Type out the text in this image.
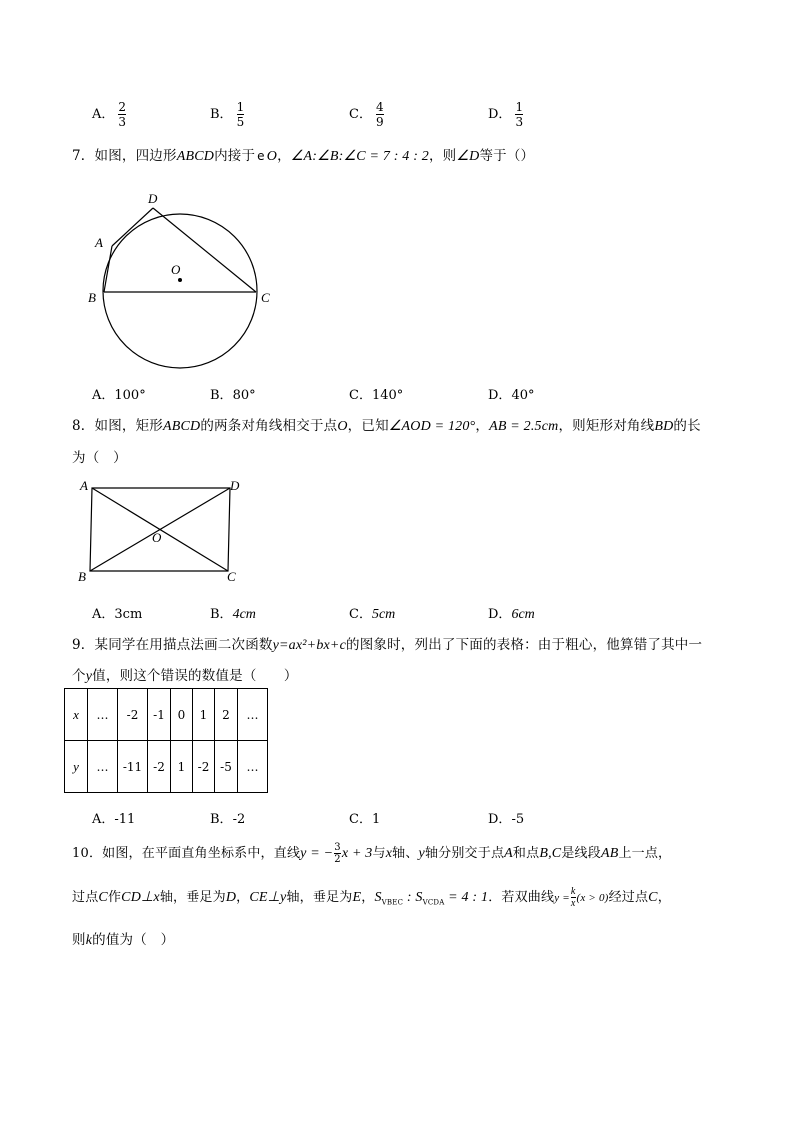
A． $\frac{2}{3}$	B． $\frac{1}{5}$	C． $\frac{4}{9}$	D． $\frac{1}{3}$
7．如图，四边形ABCD内接于 e O，∠A:∠B:∠C = 7 : 4 : 2，则∠D等于（）
D
A
O
B	C
A．100°	B．80°	C．140°	D．40°
8．如图，矩形ABCD的两条对角线相交于点O，已知∠AOD = 120°，AB = 2.5cm，则矩形对角线BD的长
为（　）
A	D
O
B	C
A．3cm	B．4cm	C．5cm	D．6cm
9．某同学在用描点法画二次函数y=ax²+bx+c的图象时，列出了下面的表格：由于粗心，他算错了其中一
个y值，则这个错误的数值是（　　）
x	…	-2	-1	0	1	2	…
y	…	-11	-2	1	-2	-5	…
A．-11	B．-2	C．1	D．-5
10．如图，在平面直角坐标系中，直线y = − $\frac{3}{2}$ x + 3与x轴、y轴分别交于点A和点B,C是线段AB上一点，
过点C作CD⊥x轴，垂足为D，CE⊥y轴，垂足为E，$S_{VBEC}$ : $S_{VCDA} = 4$ : 1．若双曲线$y = \frac{k}{x} (x > 0)$经过点C，
则k的值为（　）
